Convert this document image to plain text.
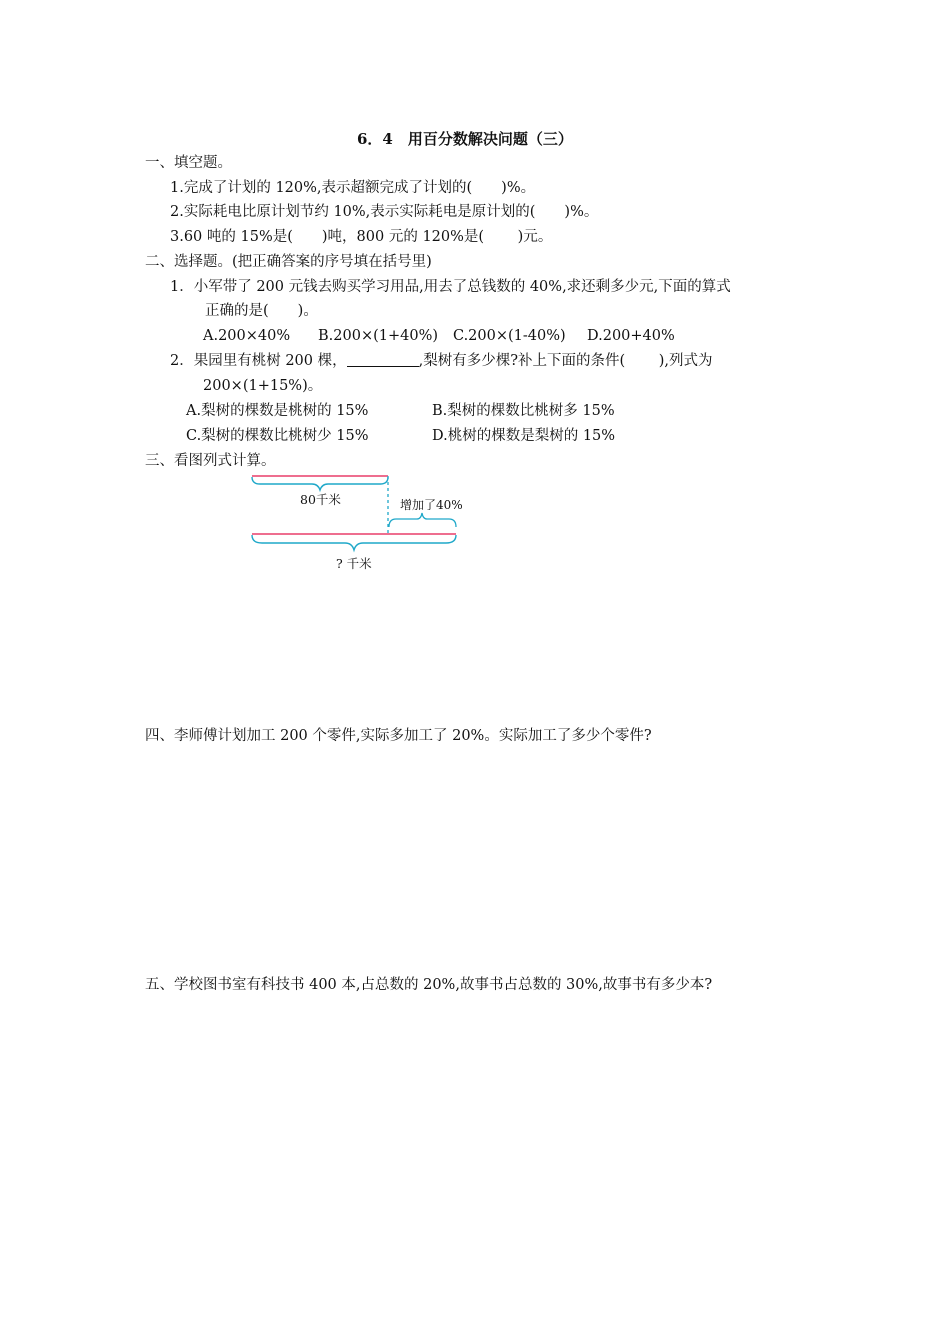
6．4　用百分数解决问题（三）
一、填空题。
1.完成了计划的 120%,表示超额完成了计划的(　　)%。
2.实际耗电比原计划节约 10%,表示实际耗电是原计划的(　　)%。
3.60 吨的 15%是(　　)吨，800 元的 120%是(　　 )元。
二、选择题。(把正确答案的序号填在括号里)
1．小军带了 200 元钱去购买学习用品,用去了总钱数的 40%,求还剩多少元,下面的算式
正确的是(　　)。
A.200×40% B.200×(1+40%) C.200×(1-40%) D.200+40%
2．果园里有桃树 200 棵，	,梨树有多少棵?补上下面的条件(　　 ),列式为
200×(1+15%)。
A.梨树的棵数是桃树的 15%	B.梨树的棵数比桃树多 15%
C.梨树的棵数比桃树少 15%	D.桃树的棵数是梨树的 15%
三、看图列式计算。
80千米	增加了40%
? 千米
四、李师傅计划加工 200 个零件,实际多加工了 20%。实际加工了多少个零件?
五、学校图书室有科技书 400 本,占总数的 20%,故事书占总数的 30%,故事书有多少本?
